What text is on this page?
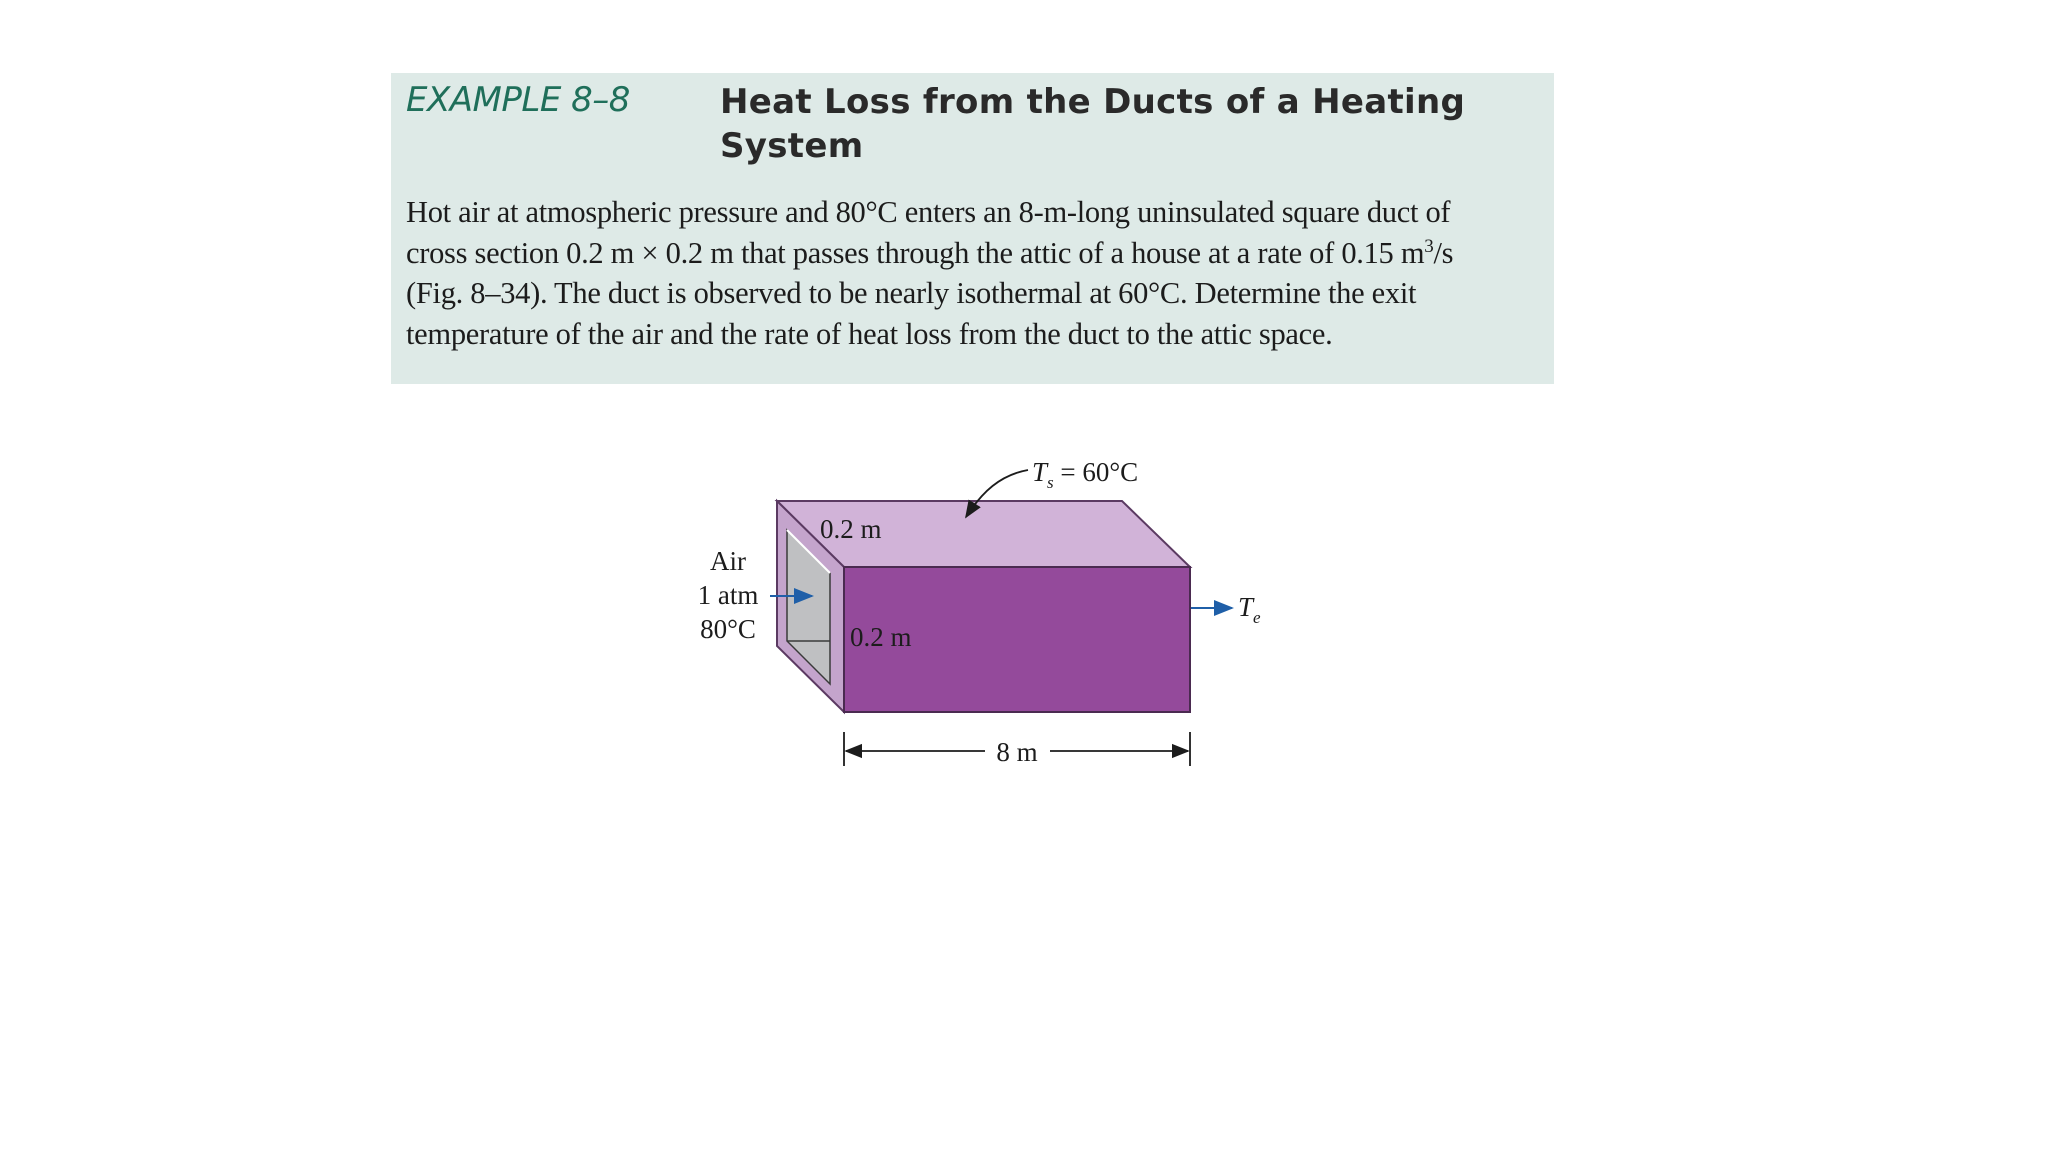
EXAMPLE 8–8	Heat Loss from the Ducts of a Heating System
Hot air at atmospheric pressure and 80°C enters an 8-m-long uninsulated square duct of
cross section 0.2 m × 0.2 m that passes through the attic of a house at a rate of 0.15 $m^3/s$
(Fig. 8–34). The duct is observed to be nearly isothermal at 60°C. Determine the exit
temperature of the air and the rate of heat loss from the duct to the attic space.
$T_s = 60^\circ C$
0.2 m
0.2 m
Air
1 atm
80°C
$T_e$
8 m
